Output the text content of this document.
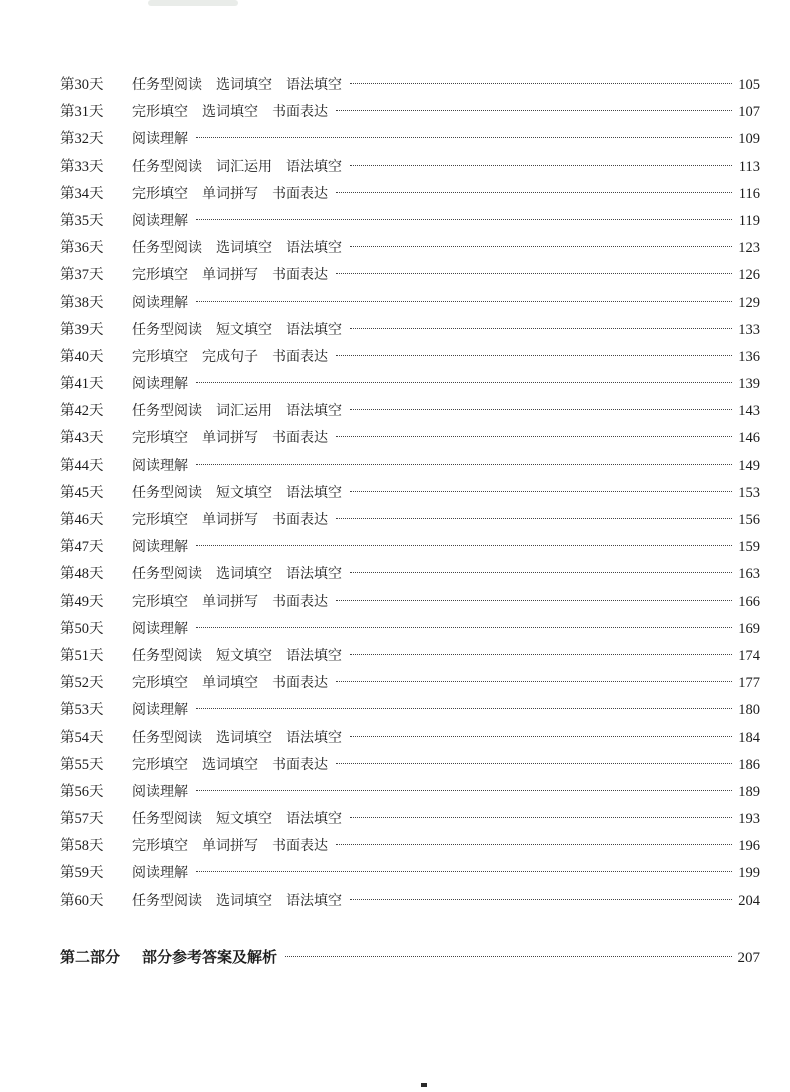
第30天	任务型阅读 选词填空 语法填空	105
第31天	完形填空 选词填空 书面表达	107
第32天	阅读理解	109
第33天	任务型阅读 词汇运用 语法填空	113
第34天	完形填空 单词拼写 书面表达	116
第35天	阅读理解	119
第36天	任务型阅读 选词填空 语法填空	123
第37天	完形填空 单词拼写 书面表达	126
第38天	阅读理解	129
第39天	任务型阅读 短文填空 语法填空	133
第40天	完形填空 完成句子 书面表达	136
第41天	阅读理解	139
第42天	任务型阅读 词汇运用 语法填空	143
第43天	完形填空 单词拼写 书面表达	146
第44天	阅读理解	149
第45天	任务型阅读 短文填空 语法填空	153
第46天	完形填空 单词拼写 书面表达	156
第47天	阅读理解	159
第48天	任务型阅读 选词填空 语法填空	163
第49天	完形填空 单词拼写 书面表达	166
第50天	阅读理解	169
第51天	任务型阅读 短文填空 语法填空	174
第52天	完形填空 单词填空 书面表达	177
第53天	阅读理解	180
第54天	任务型阅读 选词填空 语法填空	184
第55天	完形填空 选词填空 书面表达	186
第56天	阅读理解	189
第57天	任务型阅读 短文填空 语法填空	193
第58天	完形填空 单词拼写 书面表达	196
第59天	阅读理解	199
第60天	任务型阅读 选词填空 语法填空	204
第二部分 部分参考答案及解析	207
